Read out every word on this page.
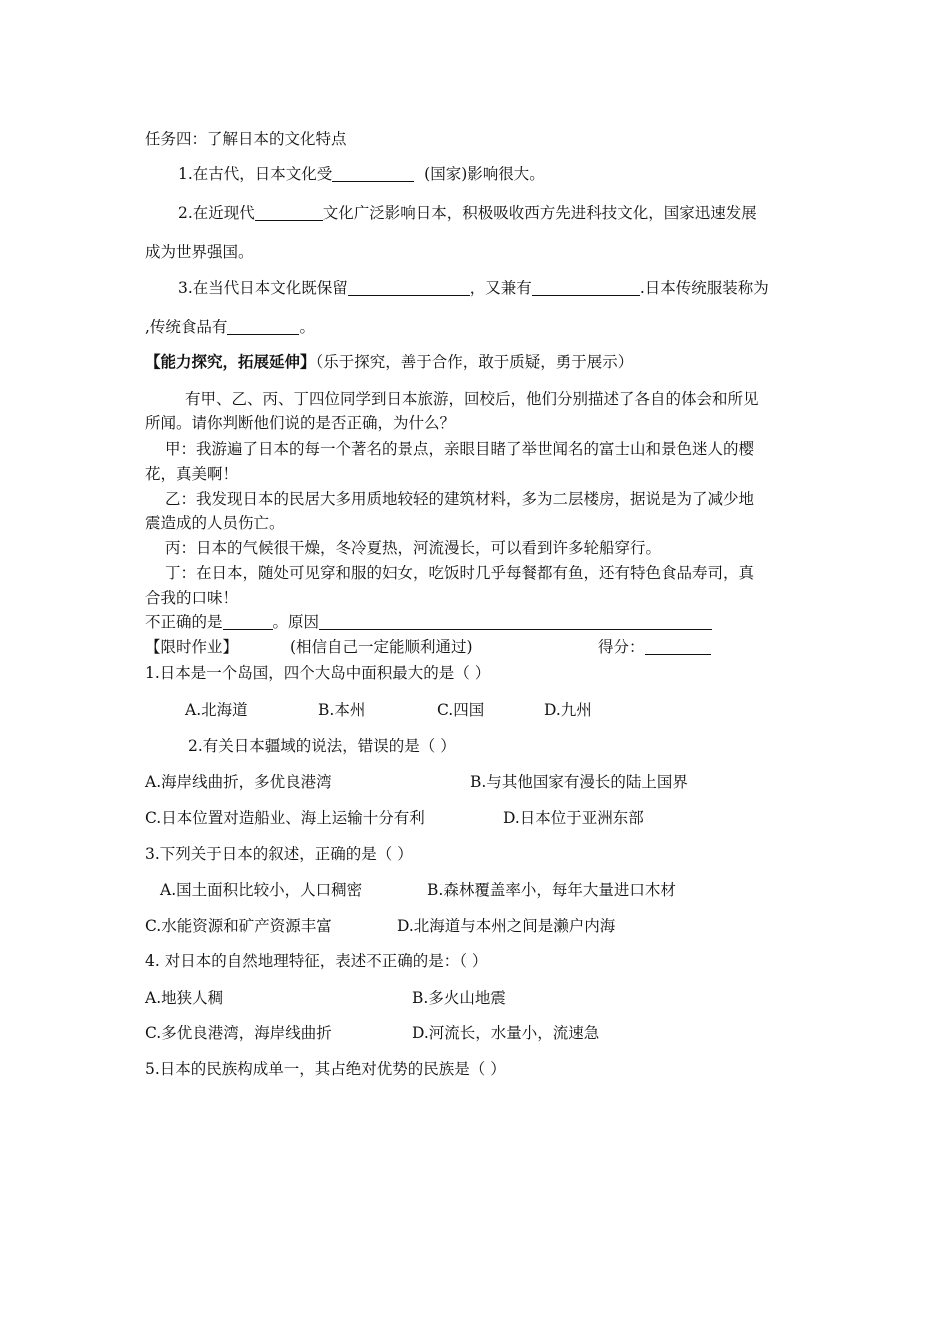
任务四：了解日本的文化特点
1.在古代，日本文化受	(国家)影响很大。
2.在近现代	文化广泛影响日本，积极吸收西方先进科技文化，国家迅速发展
成为世界强国。
3.在当代日本文化既保留	，又兼有	.日本传统服装称为
,传统食品有	。
【能力探究，拓展延伸】（乐于探究，善于合作，敢于质疑，勇于展示）
有甲、乙、丙、丁四位同学到日本旅游，回校后，他们分别描述了各自的体会和所见
所闻。请你判断他们说的是否正确，为什么？
甲：我游遍了日本的每一个著名的景点，亲眼目睹了举世闻名的富士山和景色迷人的樱
花，真美啊！
乙：我发现日本的民居大多用质地较轻的建筑材料，多为二层楼房，据说是为了减少地
震造成的人员伤亡。
丙：日本的气候很干燥，冬冷夏热，河流漫长，可以看到许多轮船穿行。
丁：在日本，随处可见穿和服的妇女，吃饭时几乎每餐都有鱼，还有特色食品寿司，真
合我的口味！
不正确的是	。原因
【限时作业】	(相信自己一定能顺利通过)	得分：
1.日本是一个岛国，四个大岛中面积最大的是（ ）
A.北海道	B.本州	C.四国	D.九州
2.有关日本疆域的说法，错误的是（ ）
A.海岸线曲折，多优良港湾	B.与其他国家有漫长的陆上国界
C.日本位置对造船业、海上运输十分有利	D.日本位于亚洲东部
3.下列关于日本的叙述，正确的是（ ）
A.国土面积比较小，人口稠密	B.森林覆盖率小，每年大量进口木材
C.水能资源和矿产资源丰富	D.北海道与本州之间是濑户内海
4. 对日本的自然地理特征，表述不正确的是：（ ）
A.地狭人稠	B.多火山地震
C.多优良港湾，海岸线曲折	D.河流长，水量小，流速急
5.日本的民族构成单一，其占绝对优势的民族是（ ）
